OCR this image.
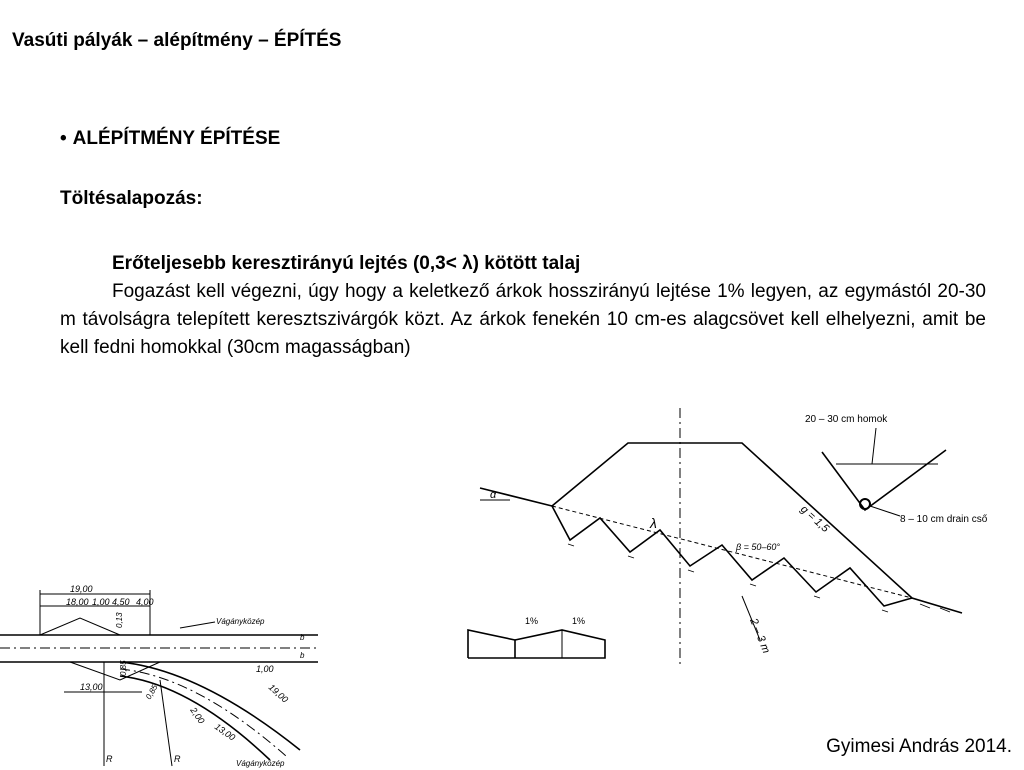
Vasúti pályák – alépítmény – ÉPÍTÉS
• ALÉPÍTMÉNY ÉPÍTÉSE
Töltésalapozás:
Erőteljesebb keresztirányú lejtés (0,3< λ) kötött talaj
Fogazást kell végezni, úgy hogy a keletkező árkok hosszirányú lejtése 1% legyen, az egymástól 20-30 m távolságra telepített keresztszivárgók közt. Az árkok fenekén 10 cm-es alagcsövet kell elhelyezni, amit be kell fedni homokkal (30cm magasságban)
λ
α
β = 50–60°
g = 1,5
2 – 3 m
20 – 30 cm homok
8 – 10 cm drain cső
1%	1%
19,00
18,00 1,00 4,50 4,00
0,13	Vágányközép
Vágányközép
b
b
13,00
1,00
2,00
19,00
13,00
0,85
0,85
R	R
Gyimesi András 2014.
